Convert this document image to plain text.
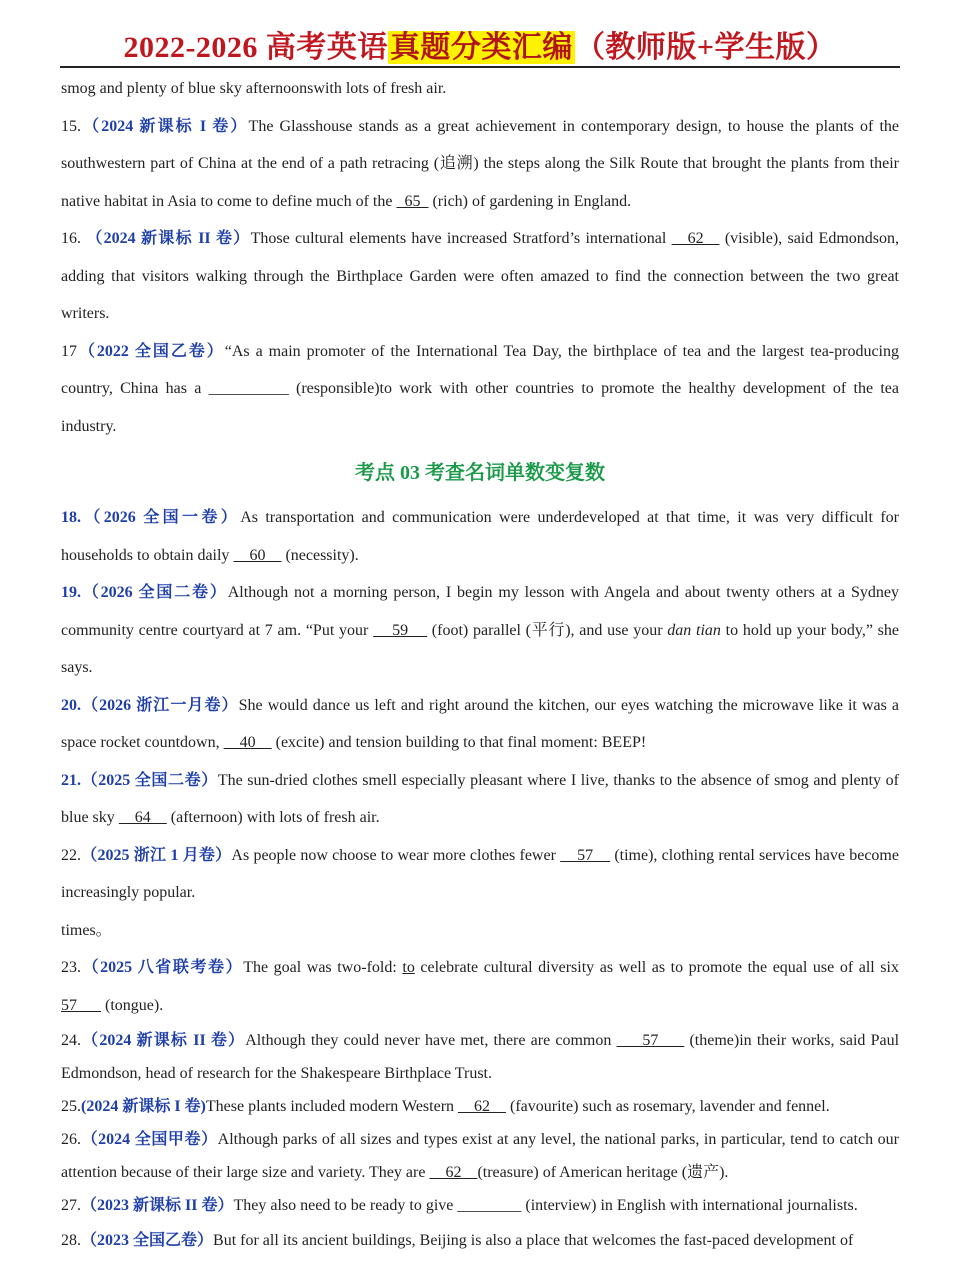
2022-2026 高考英语真题分类汇编（教师版+学生版）

smog and plenty of blue sky afternoonswith lots of fresh air.

15.（2024 新课标 I 卷）The Glasshouse stands as a great achievement in contemporary design, to house the plants of the southwestern part of China at the end of a path retracing (追溯) the steps along the Silk Route that brought the plants from their native habitat in Asia to come to define much of the   65   (rich) of gardening in England.

16. （2024 新课标 II 卷）Those cultural elements have increased Stratford’s international    62    (visible), said Edmondson, adding that visitors walking through the Birthplace Garden were often amazed to find the connection between the two great writers.

17（2022 全国乙卷）“As a main promoter of the International Tea Day, the birthplace of tea and the largest tea-producing country, China has a __________ (responsible)to work with other countries to promote the healthy development of the tea industry.

考点 03 考查名词单数变复数

18.（2026 全国一卷）As transportation and communication were underdeveloped at that time, it was very difficult for households to obtain daily     60     (necessity).

19.（2026 全国二卷）Although not a morning person, I begin my lesson with Angela and about twenty others at a Sydney community centre courtyard at 7 am. “Put your     59     (foot) parallel (平行), and use your dan tian to hold up your body,” she says.

20.（2026 浙江一月卷）She would dance us left and right around the kitchen, our eyes watching the microwave like it was a space rocket countdown,     40     (excite) and tension building to that final moment: BEEP!

21.（2025 全国二卷）The sun-dried clothes smell especially pleasant where I live, thanks to the absence of smog and plenty of blue sky     64     (afternoon) with lots of fresh air.

22.（2025 浙江 1 月卷）As people now choose to wear more clothes fewer     57     (time), clothing rental services have become increasingly popular.

times。

23.（2025 八省联考卷）The goal was two-fold: to celebrate cultural diversity as well as to promote the equal use of all six 57       (tongue).

24.（2024 新课标 II 卷）Although they could never have met, there are common      57      (theme)in their works, said Paul Edmondson, head of research for the Shakespeare Birthplace Trust.

25.(2024 新课标 I 卷)These plants included modern Western     62     (favourite) such as rosemary, lavender and fennel.

26.（2024 全国甲卷）Although parks of all sizes and types exist at any level, the national parks, in particular, tend to catch our attention because of their large size and variety. They are     62    (treasure) of American heritage (遗产).

27.（2023 新课标 II 卷）They also need to be ready to give ________ (interview) in English with international journalists.

28.（2023 全国乙卷）But for all its ancient buildings, Beijing is also a place that welcomes the fast-paced development of
